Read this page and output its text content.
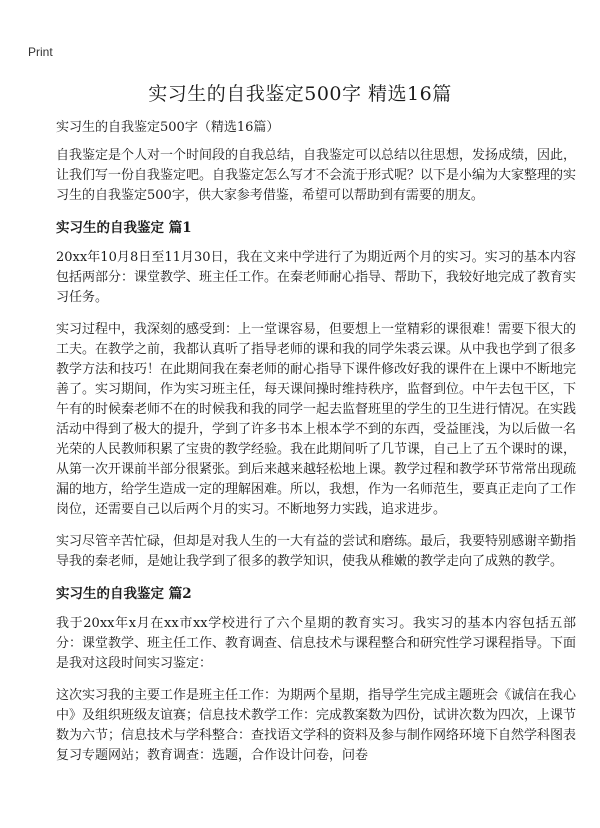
Print
实习生的自我鉴定500字 精选16篇

实习生的自我鉴定500字（精选16篇）

自我鉴定是个人对一个时间段的自我总结，自我鉴定可以总结以往思想，发扬成绩，因此，让我们写一份自我鉴定吧。自我鉴定怎么写才不会流于形式呢？以下是小编为大家整理的实习生的自我鉴定500字，供大家参考借鉴，希望可以帮助到有需要的朋友。

实习生的自我鉴定 篇1

20xx年10月8日至11月30日，我在文来中学进行了为期近两个月的实习。实习的基本内容包括两部分：课堂教学、班主任工作。在秦老师耐心指导、帮助下，我较好地完成了教育实习任务。

实习过程中，我深刻的感受到：上一堂课容易，但要想上一堂精彩的课很难！需要下很大的工夫。在教学之前，我都认真听了指导老师的课和我的同学朱裘云课。从中我也学到了很多教学方法和技巧！在此期间我在秦老师的耐心指导下课件修改好我的课件在上课中不断地完善了。实习期间，作为实习班主任，每天课间操时维持秩序，监督到位。中午去包干区，下午有的时候秦老师不在的时候我和我的同学一起去监督班里的学生的卫生进行情况。在实践活动中得到了极大的提升，学到了许多书本上根本学不到的东西，受益匪浅，为以后做一名光荣的人民教师积累了宝贵的教学经验。我在此期间听了几节课，自己上了五个课时的课，从第一次开课前半部分很紧张。到后来越来越轻松地上课。教学过程和教学环节常常出现疏漏的地方，给学生造成一定的理解困难。所以，我想，作为一名师范生，要真正走向了工作岗位，还需要自己以后两个月的实习。不断地努力实践，追求进步。

实习尽管辛苦忙碌，但却是对我人生的一大有益的尝试和磨练。最后，我要特别感谢辛勤指导我的秦老师，是她让我学到了很多的教学知识，使我从稚嫩的教学走向了成熟的教学。

实习生的自我鉴定 篇2

我于20xx年x月在xx市xx学校进行了六个星期的教育实习。我实习的基本内容包括五部分：课堂教学、班主任工作、教育调查、信息技术与课程整合和研究性学习课程指导。下面是我对这段时间实习鉴定：

这次实习我的主要工作是班主任工作：为期两个星期，指导学生完成主题班会《诚信在我心中》及组织班级友谊赛；信息技术教学工作：完成教案数为四份，试讲次数为四次，上课节数为六节；信息技术与学科整合：查找语文学科的资料及参与制作网络环境下自然学科图表复习专题网站；教育调查：选题，合作设计问卷，问卷
